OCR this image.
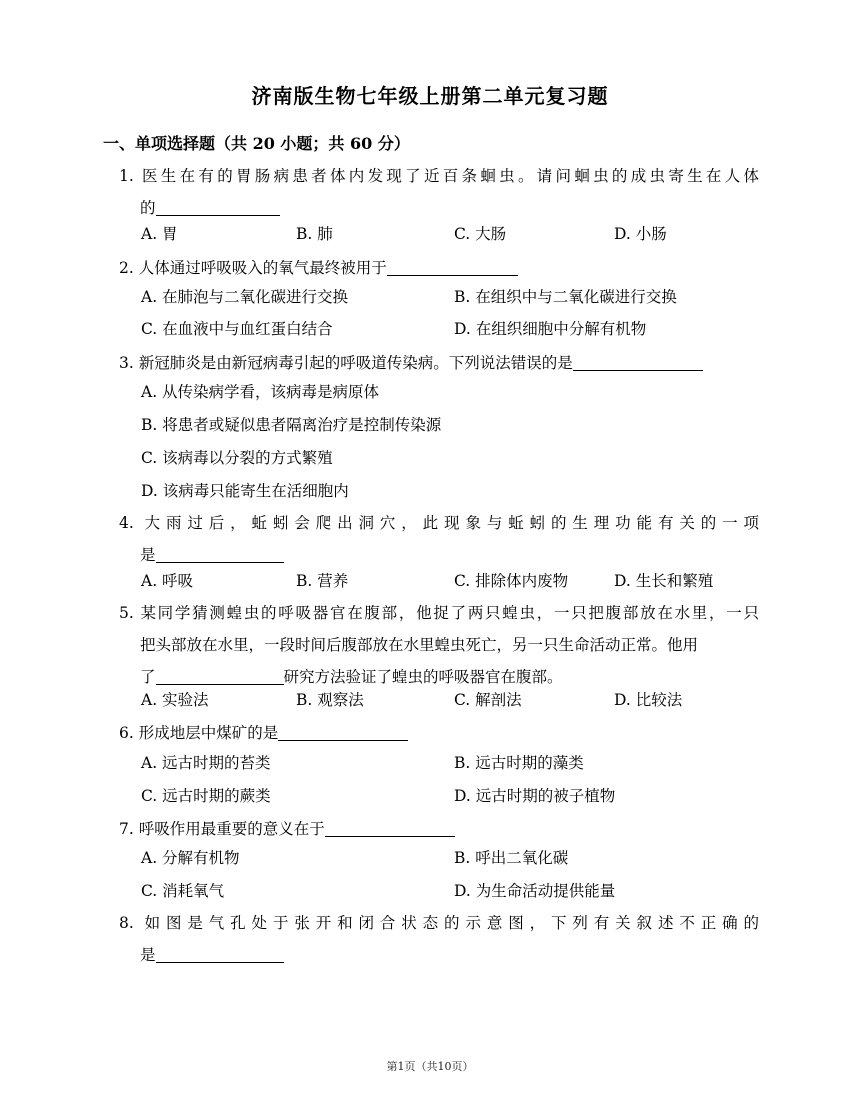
济南版生物七年级上册第二单元复习题
一、单项选择题（共 20 小题；共 60 分）
1. 医生在有的胃肠病患者体内发现了近百条蛔虫。请问蛔虫的成虫寄生在人体
的
A. 胃	B. 肺	C. 大肠	D. 小肠
2. 人体通过呼吸吸入的氧气最终被用于
A. 在肺泡与二氧化碳进行交换	B. 在组织中与二氧化碳进行交换
C. 在血液中与血红蛋白结合	D. 在组织细胞中分解有机物
3. 新冠肺炎是由新冠病毒引起的呼吸道传染病。下列说法错误的是
A. 从传染病学看，该病毒是病原体
B. 将患者或疑似患者隔离治疗是控制传染源
C. 该病毒以分裂的方式繁殖
D. 该病毒只能寄生在活细胞内
4. 大雨过后，蚯蚓会爬出洞穴，此现象与蚯蚓的生理功能有关的一项
是
A. 呼吸	B. 营养	C. 排除体内废物	D. 生长和繁殖
5. 某同学猜测蝗虫的呼吸器官在腹部，他捉了两只蝗虫，一只把腹部放在水里，一只
把头部放在水里，一段时间后腹部放在水里蝗虫死亡，另一只生命活动正常。他用
了	研究方法验证了蝗虫的呼吸器官在腹部。
A. 实验法	B. 观察法	C. 解剖法	D. 比较法
6. 形成地层中煤矿的是
A. 远古时期的苔类	B. 远古时期的藻类
C. 远古时期的蕨类	D. 远古时期的被子植物
7. 呼吸作用最重要的意义在于
A. 分解有机物	B. 呼出二氧化碳
C. 消耗氧气	D. 为生命活动提供能量
8. 如图是气孔处于张开和闭合状态的示意图，下列有关叙述不正确的
是
第1页（共10页）
